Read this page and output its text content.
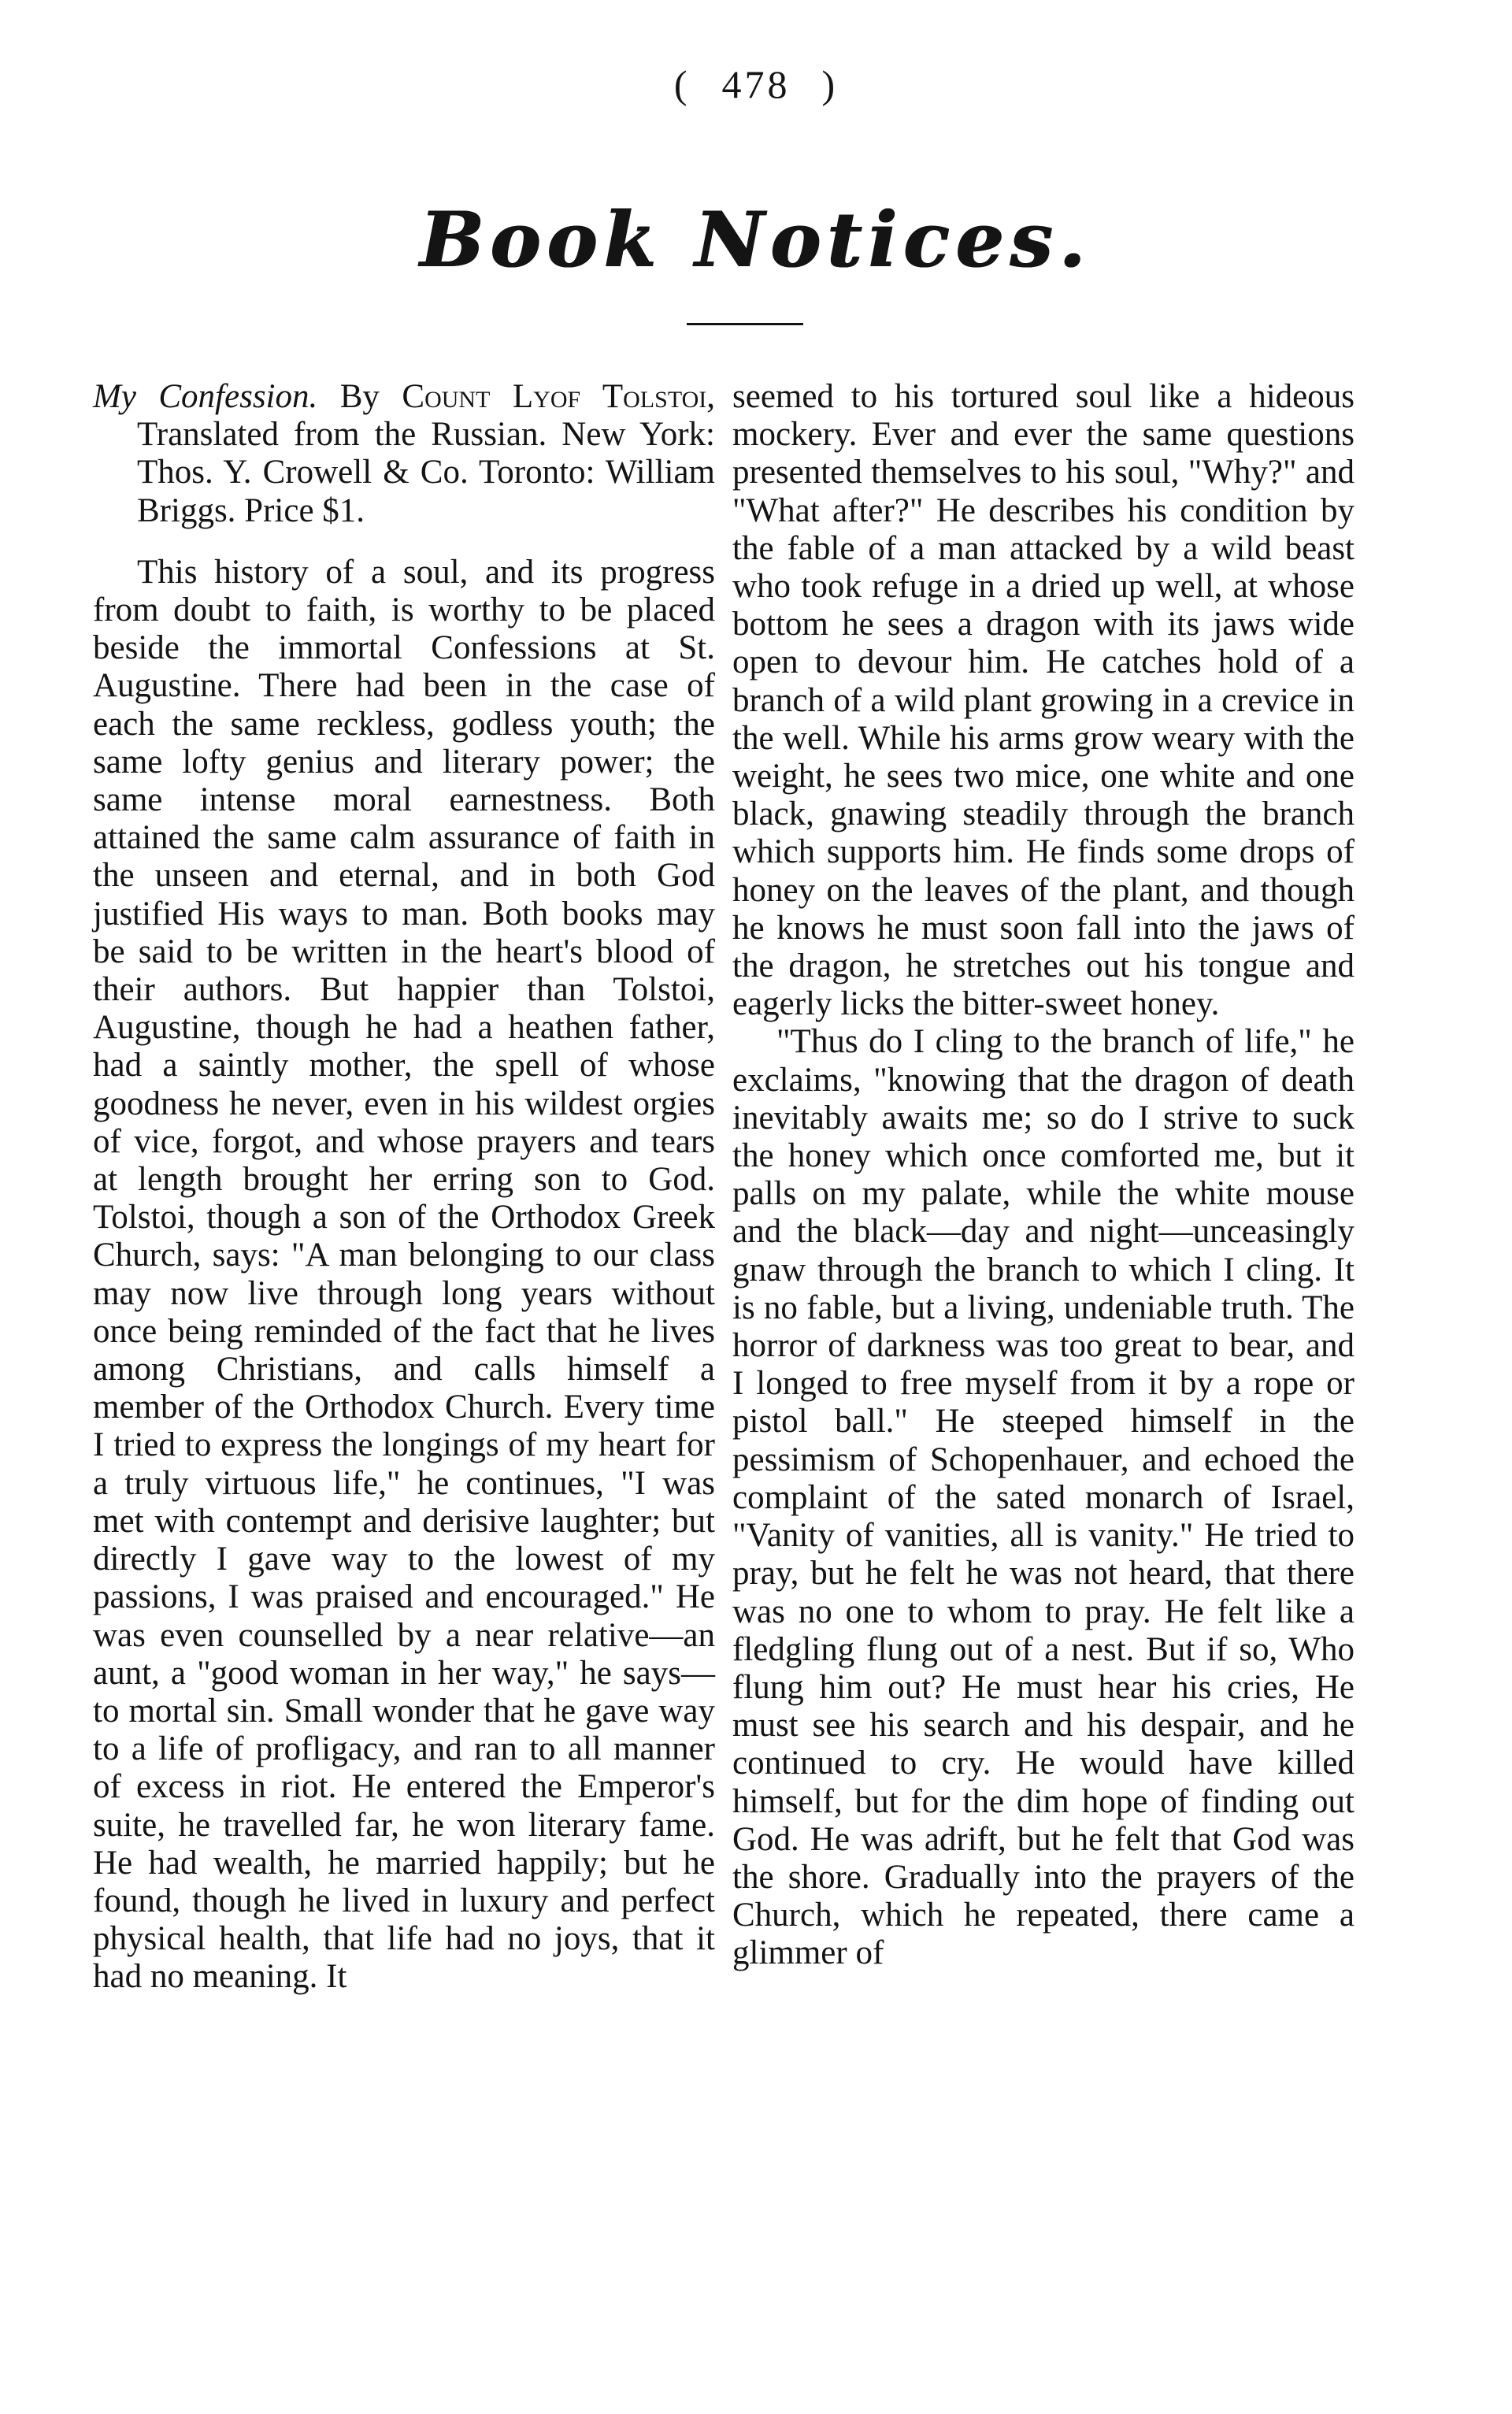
( 478 )
Book Notices.

My Confession. By Count Lyof Tolstoi, Translated from the Russian. New York: Thos. Y. Crowell & Co. Toronto: William Briggs. Price $1.

This history of a soul, and its progress from doubt to faith, is worthy to be placed beside the immortal Confessions at St. Augustine. There had been in the case of each the same reckless, godless youth; the same lofty genius and literary power; the same intense moral earnestness. Both attained the same calm assurance of faith in the unseen and eternal, and in both God justified His ways to man. Both books may be said to be written in the heart's blood of their authors. But happier than Tolstoi, Augustine, though he had a heathen father, had a saintly mother, the spell of whose goodness he never, even in his wildest orgies of vice, forgot, and whose prayers and tears at length brought her erring son to God. Tolstoi, though a son of the Orthodox Greek Church, says: "A man belonging to our class may now live through long years without once being reminded of the fact that he lives among Christians, and calls himself a member of the Orthodox Church. Every time I tried to express the longings of my heart for a truly virtuous life," he continues, "I was met with contempt and derisive laughter; but directly I gave way to the lowest of my passions, I was praised and encouraged." He was even counselled by a near relative—an aunt, a "good woman in her way," he says—to mortal sin. Small wonder that he gave way to a life of profligacy, and ran to all manner of excess in riot. He entered the Emperor's suite, he travelled far, he won literary fame. He had wealth, he married happily; but he found, though he lived in luxury and perfect physical health, that life had no joys, that it had no meaning. It

seemed to his tortured soul like a hideous mockery. Ever and ever the same questions presented themselves to his soul, "Why?" and "What after?" He describes his condition by the fable of a man attacked by a wild beast who took refuge in a dried up well, at whose bottom he sees a dragon with its jaws wide open to devour him. He catches hold of a branch of a wild plant growing in a crevice in the well. While his arms grow weary with the weight, he sees two mice, one white and one black, gnawing steadily through the branch which supports him. He finds some drops of honey on the leaves of the plant, and though he knows he must soon fall into the jaws of the dragon, he stretches out his tongue and eagerly licks the bitter-sweet honey.

"Thus do I cling to the branch of life," he exclaims, "knowing that the dragon of death inevitably awaits me; so do I strive to suck the honey which once comforted me, but it palls on my palate, while the white mouse and the black—day and night—unceasingly gnaw through the branch to which I cling. It is no fable, but a living, undeniable truth. The horror of darkness was too great to bear, and I longed to free myself from it by a rope or pistol ball." He steeped himself in the pessimism of Schopenhauer, and echoed the complaint of the sated monarch of Israel, "Vanity of vanities, all is vanity." He tried to pray, but he felt he was not heard, that there was no one to whom to pray. He felt like a fledgling flung out of a nest. But if so, Who flung him out? He must hear his cries, He must see his search and his despair, and he continued to cry. He would have killed himself, but for the dim hope of finding out God. He was adrift, but he felt that God was the shore. Gradually into the prayers of the Church, which he repeated, there came a glimmer of
